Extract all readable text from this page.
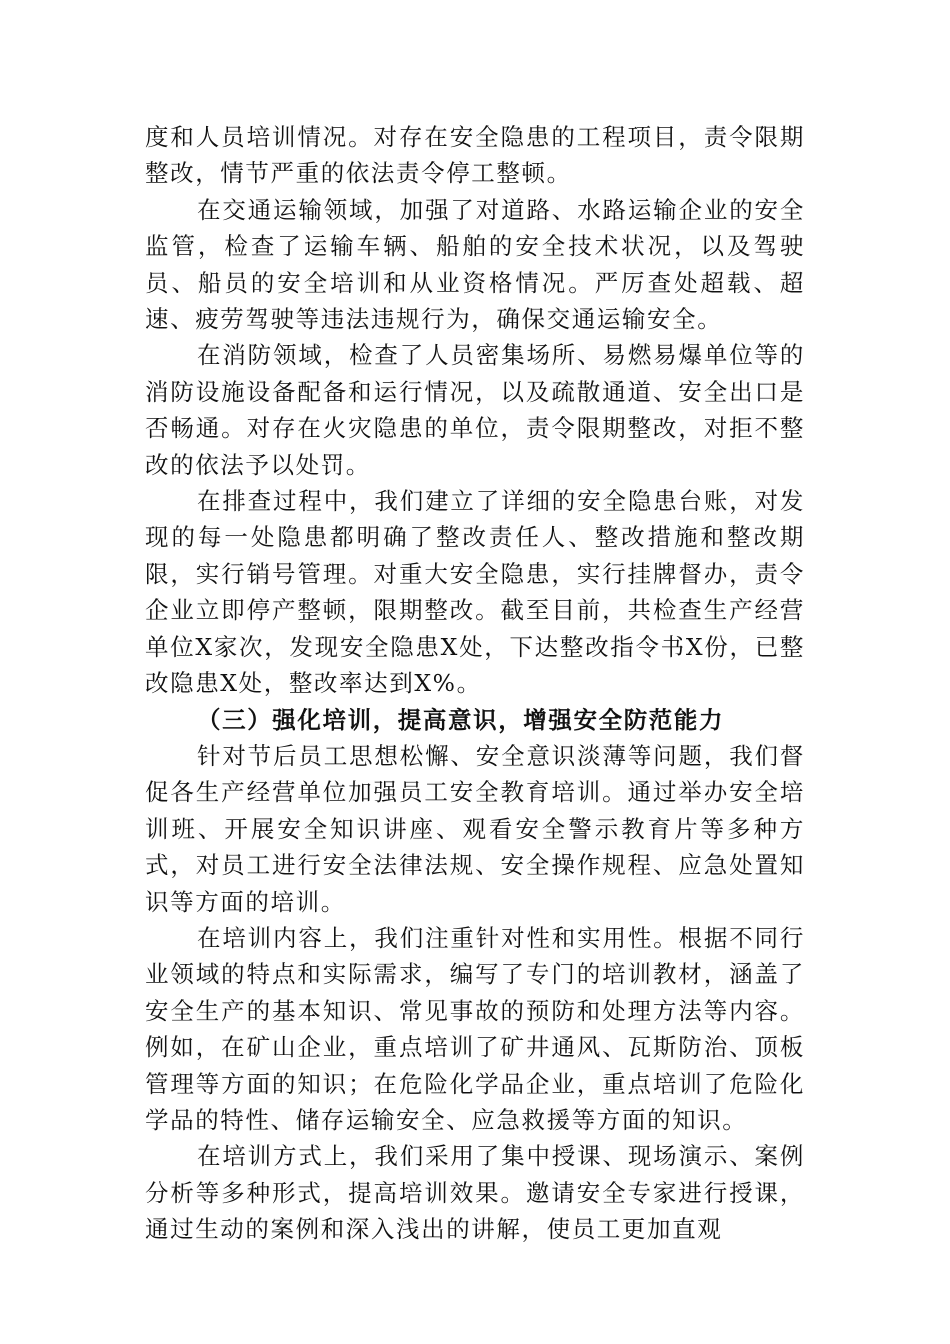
度和人员培训情况。对存在安全隐患的工程项目，责令限期整改，情节严重的依法责令停工整顿。

在交通运输领域，加强了对道路、水路运输企业的安全监管，检查了运输车辆、船舶的安全技术状况，以及驾驶员、船员的安全培训和从业资格情况。严厉查处超载、超速、疲劳驾驶等违法违规行为，确保交通运输安全。

在消防领域，检查了人员密集场所、易燃易爆单位等的消防设施设备配备和运行情况，以及疏散通道、安全出口是否畅通。对存在火灾隐患的单位，责令限期整改，对拒不整改的依法予以处罚。

在排查过程中，我们建立了详细的安全隐患台账，对发现的每一处隐患都明确了整改责任人、整改措施和整改期限，实行销号管理。对重大安全隐患，实行挂牌督办，责令企业立即停产整顿，限期整改。截至目前，共检查生产经营单位X家次，发现安全隐患X处，下达整改指令书X份，已整改隐患X处，整改率达到X%。

（三）强化培训，提高意识，增强安全防范能力

针对节后员工思想松懈、安全意识淡薄等问题，我们督促各生产经营单位加强员工安全教育培训。通过举办安全培训班、开展安全知识讲座、观看安全警示教育片等多种方式，对员工进行安全法律法规、安全操作规程、应急处置知识等方面的培训。

在培训内容上，我们注重针对性和实用性。根据不同行业领域的特点和实际需求，编写了专门的培训教材，涵盖了安全生产的基本知识、常见事故的预防和处理方法等内容。例如，在矿山企业，重点培训了矿井通风、瓦斯防治、顶板管理等方面的知识；在危险化学品企业，重点培训了危险化学品的特性、储存运输安全、应急救援等方面的知识。

在培训方式上，我们采用了集中授课、现场演示、案例分析等多种形式，提高培训效果。邀请安全专家进行授课，通过生动的案例和深入浅出的讲解，使员工更加直观
